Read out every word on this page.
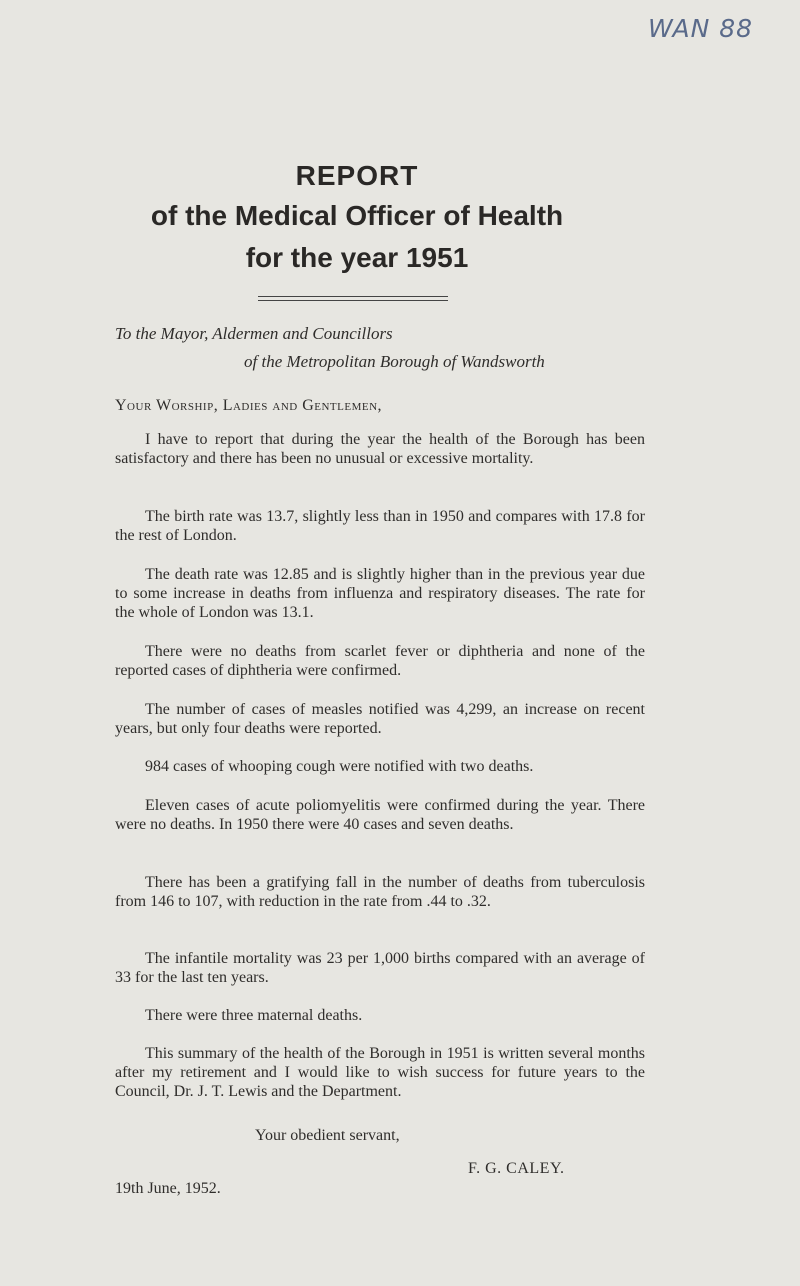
WAN 88
REPORT
of the Medical Officer of Health
for the year 1951
To the Mayor, Aldermen and Councillors
of the Metropolitan Borough of Wandsworth
Your Worship, Ladies and Gentlemen,
I have to report that during the year the health of the Borough has been satisfactory and there has been no unusual or excessive mortality.
The birth rate was 13.7, slightly less than in 1950 and compares with 17.8 for the rest of London.
The death rate was 12.85 and is slightly higher than in the previous year due to some increase in deaths from influenza and respiratory diseases. The rate for the whole of London was 13.1.
There were no deaths from scarlet fever or diphtheria and none of the reported cases of diphtheria were confirmed.
The number of cases of measles notified was 4,299, an increase on recent years, but only four deaths were reported.
984 cases of whooping cough were notified with two deaths.
Eleven cases of acute poliomyelitis were confirmed during the year. There were no deaths. In 1950 there were 40 cases and seven deaths.
There has been a gratifying fall in the number of deaths from tuberculosis from 146 to 107, with reduction in the rate from .44 to .32.
The infantile mortality was 23 per 1,000 births compared with an average of 33 for the last ten years.
There were three maternal deaths.
This summary of the health of the Borough in 1951 is written several months after my retirement and I would like to wish success for future years to the Council, Dr. J. T. Lewis and the Department.
Your obedient servant,
F. G. CALEY.
19th June, 1952.
